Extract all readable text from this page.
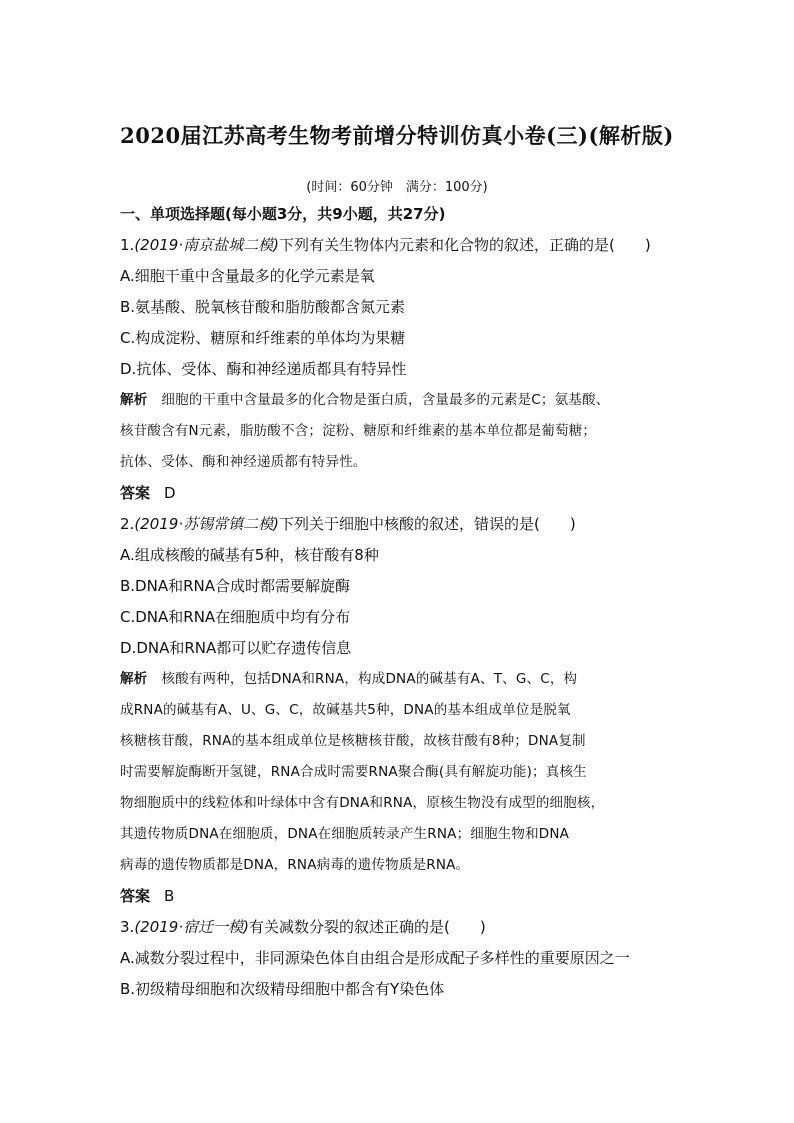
2020届江苏高考生物考前增分特训仿真小卷(三)(解析版)
(时间：60分钟　满分：100分)
一、单项选择题(每小题3分，共9小题，共27分)
1.(2019·南京盐城二模)下列有关生物体内元素和化合物的叙述，正确的是(　　)
A.细胞干重中含量最多的化学元素是氧
B.氨基酸、脱氧核苷酸和脂肪酸都含氮元素
C.构成淀粉、糖原和纤维素的单体均为果糖
D.抗体、受体、酶和神经递质都具有特异性
解析 细胞的干重中含量最多的化合物是蛋白质，含量最多的元素是C；氨基酸、
核苷酸含有N元素，脂肪酸不含；淀粉、糖原和纤维素的基本单位都是葡萄糖；
抗体、受体、酶和神经递质都有特异性。
答案 D
2.(2019·苏锡常镇二模)下列关于细胞中核酸的叙述，错误的是(　　)
A.组成核酸的碱基有5种，核苷酸有8种
B.DNA和RNA合成时都需要解旋酶
C.DNA和RNA在细胞质中均有分布
D.DNA和RNA都可以贮存遗传信息
解析 核酸有两种，包括DNA和RNA，构成DNA的碱基有A、T、G、C，构
成RNA的碱基有A、U、G、C，故碱基共5种，DNA的基本组成单位是脱氧
核糖核苷酸，RNA的基本组成单位是核糖核苷酸，故核苷酸有8种；DNA复制
时需要解旋酶断开氢键，RNA合成时需要RNA聚合酶(具有解旋功能)；真核生
物细胞质中的线粒体和叶绿体中含有DNA和RNA，原核生物没有成型的细胞核，
其遗传物质DNA在细胞质，DNA在细胞质转录产生RNA；细胞生物和DNA
病毒的遗传物质都是DNA，RNA病毒的遗传物质是RNA。
答案 B
3.(2019·宿迁一模)有关减数分裂的叙述正确的是(　　)
A.减数分裂过程中，非同源染色体自由组合是形成配子多样性的重要原因之一
B.初级精母细胞和次级精母细胞中都含有Y染色体
